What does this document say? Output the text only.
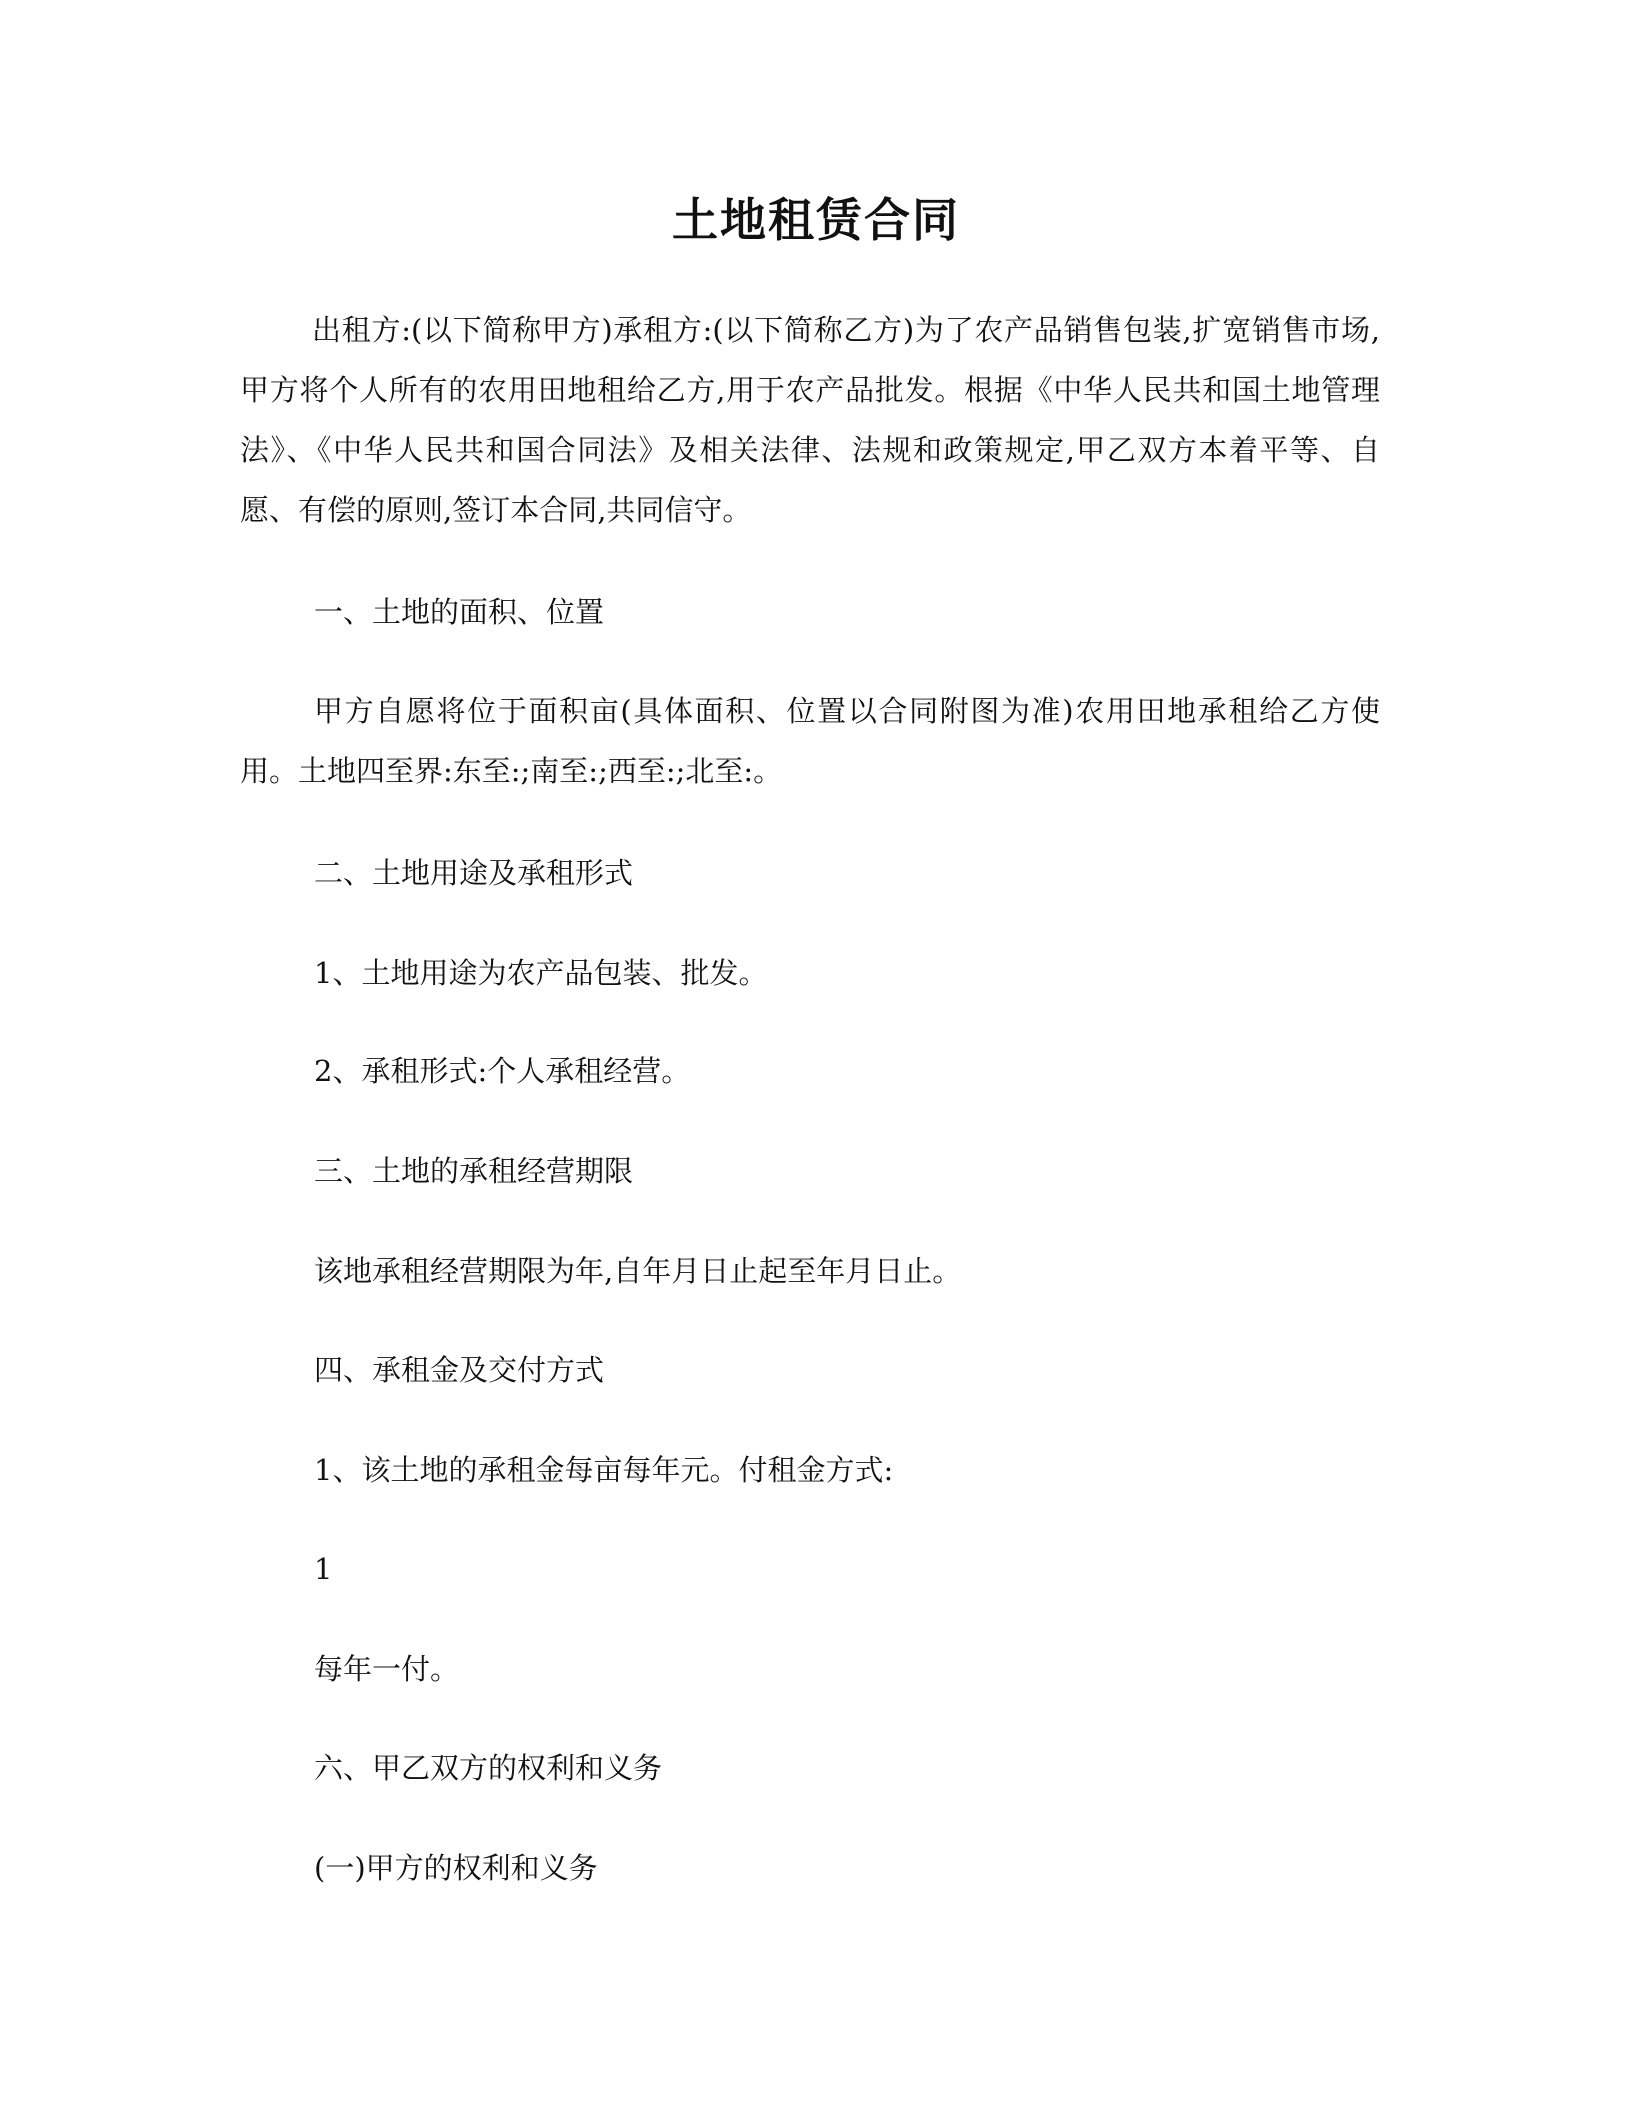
土地租赁合同

出租方:(以下简称甲方)承租方:(以下简称乙方)为了农产品销售包装,扩宽销售市场,甲方将个人所有的农用田地租给乙方,用于农产品批发。根据《中华人民共和国土地管理法》、《中华人民共和国合同法》及相关法律、法规和政策规定,甲乙双方本着平等、自愿、有偿的原则,签订本合同,共同信守。

一、土地的面积、位置

甲方自愿将位于面积亩(具体面积、位置以合同附图为准)农用田地承租给乙方使用。土地四至界:东至:;南至:;西至:;北至:。

二、土地用途及承租形式

1、土地用途为农产品包装、批发。

2、承租形式:个人承租经营。

三、土地的承租经营期限

该地承租经营期限为年,自年月日止起至年月日止。

四、承租金及交付方式

1、该土地的承租金每亩每年元。付租金方式:

1

每年一付。

六、甲乙双方的权利和义务

(一)甲方的权利和义务
